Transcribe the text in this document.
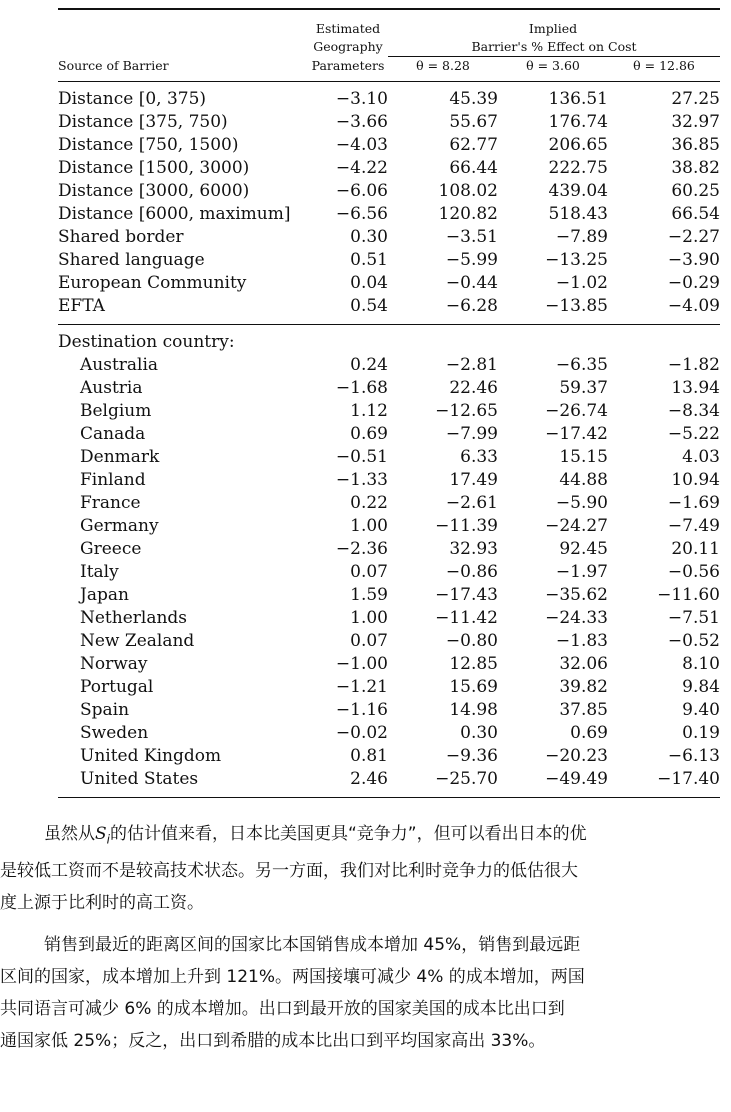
	Estimated		Implied	
	Geography	Barrier's % Effect on Cost		
Source of Barrier	Parameters	θ = 8.28	θ = 3.60	θ = 12.86
Distance [0, 375)	−3.10	45.39	136.51	27.25
Distance [375, 750)	−3.66	55.67	176.74	32.97
Distance [750, 1500)	−4.03	62.77	206.65	36.85
Distance [1500, 3000)	−4.22	66.44	222.75	38.82
Distance [3000, 6000)	−6.06	108.02	439.04	60.25
Distance [6000, maximum]	−6.56	120.82	518.43	66.54
Shared border	0.30	−3.51	−7.89	−2.27
Shared language	0.51	−5.99	−13.25	−3.90
European Community	0.04	−0.44	−1.02	−0.29
EFTA	0.54	−6.28	−13.85	−4.09
Destination country:				
Australia	0.24	−2.81	−6.35	−1.82
Austria	−1.68	22.46	59.37	13.94
Belgium	1.12	−12.65	−26.74	−8.34
Canada	0.69	−7.99	−17.42	−5.22
Denmark	−0.51	6.33	15.15	4.03
Finland	−1.33	17.49	44.88	10.94
France	0.22	−2.61	−5.90	−1.69
Germany	1.00	−11.39	−24.27	−7.49
Greece	−2.36	32.93	92.45	20.11
Italy	0.07	−0.86	−1.97	−0.56
Japan	1.59	−17.43	−35.62	−11.60
Netherlands	1.00	−11.42	−24.33	−7.51
New Zealand	0.07	−0.80	−1.83	−0.52
Norway	−1.00	12.85	32.06	8.10
Portugal	−1.21	15.69	39.82	9.84
Spain	−1.16	14.98	37.85	9.40
Sweden	−0.02	0.30	0.69	0.19
United Kingdom	0.81	−9.36	−20.23	−6.13
United States	2.46	−25.70	−49.49	−17.40

虽然从$S_i$的估计值来看，日本比美国更具“竞争力”，但可以看出日本的优

是较低工资而不是较高技术状态。另一方面，我们对比利时竞争力的低估很大

度上源于比利时的高工资。

销售到最近的距离区间的国家比本国销售成本增加 45%，销售到最远距

区间的国家，成本增加上升到 121%。两国接壤可减少 4% 的成本增加，两国

共同语言可减少 6% 的成本增加。出口到最开放的国家美国的成本比出口到

通国家低 25%；反之，出口到希腊的成本比出口到平均国家高出 33%。
